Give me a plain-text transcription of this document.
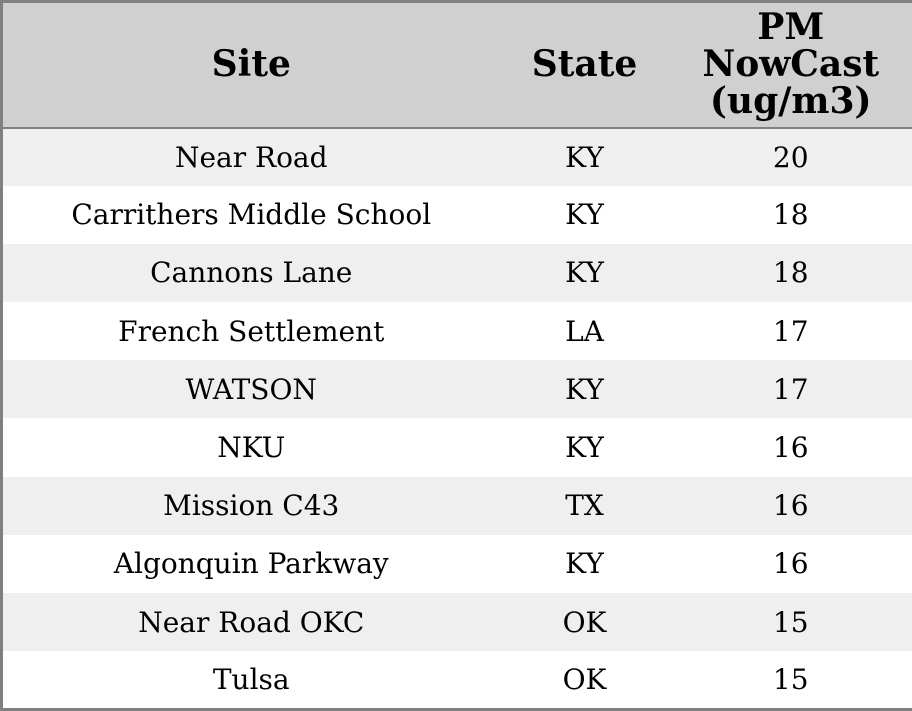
Site	State	PM NowCast (ug/m3)

Near Road	KY	20
Carrithers Middle School	KY	18
Cannons Lane	KY	18
French Settlement	LA	17
WATSON	KY	17
NKU	KY	16
Mission C43	TX	16
Algonquin Parkway	KY	16
Near Road OKC	OK	15
Tulsa	OK	15
